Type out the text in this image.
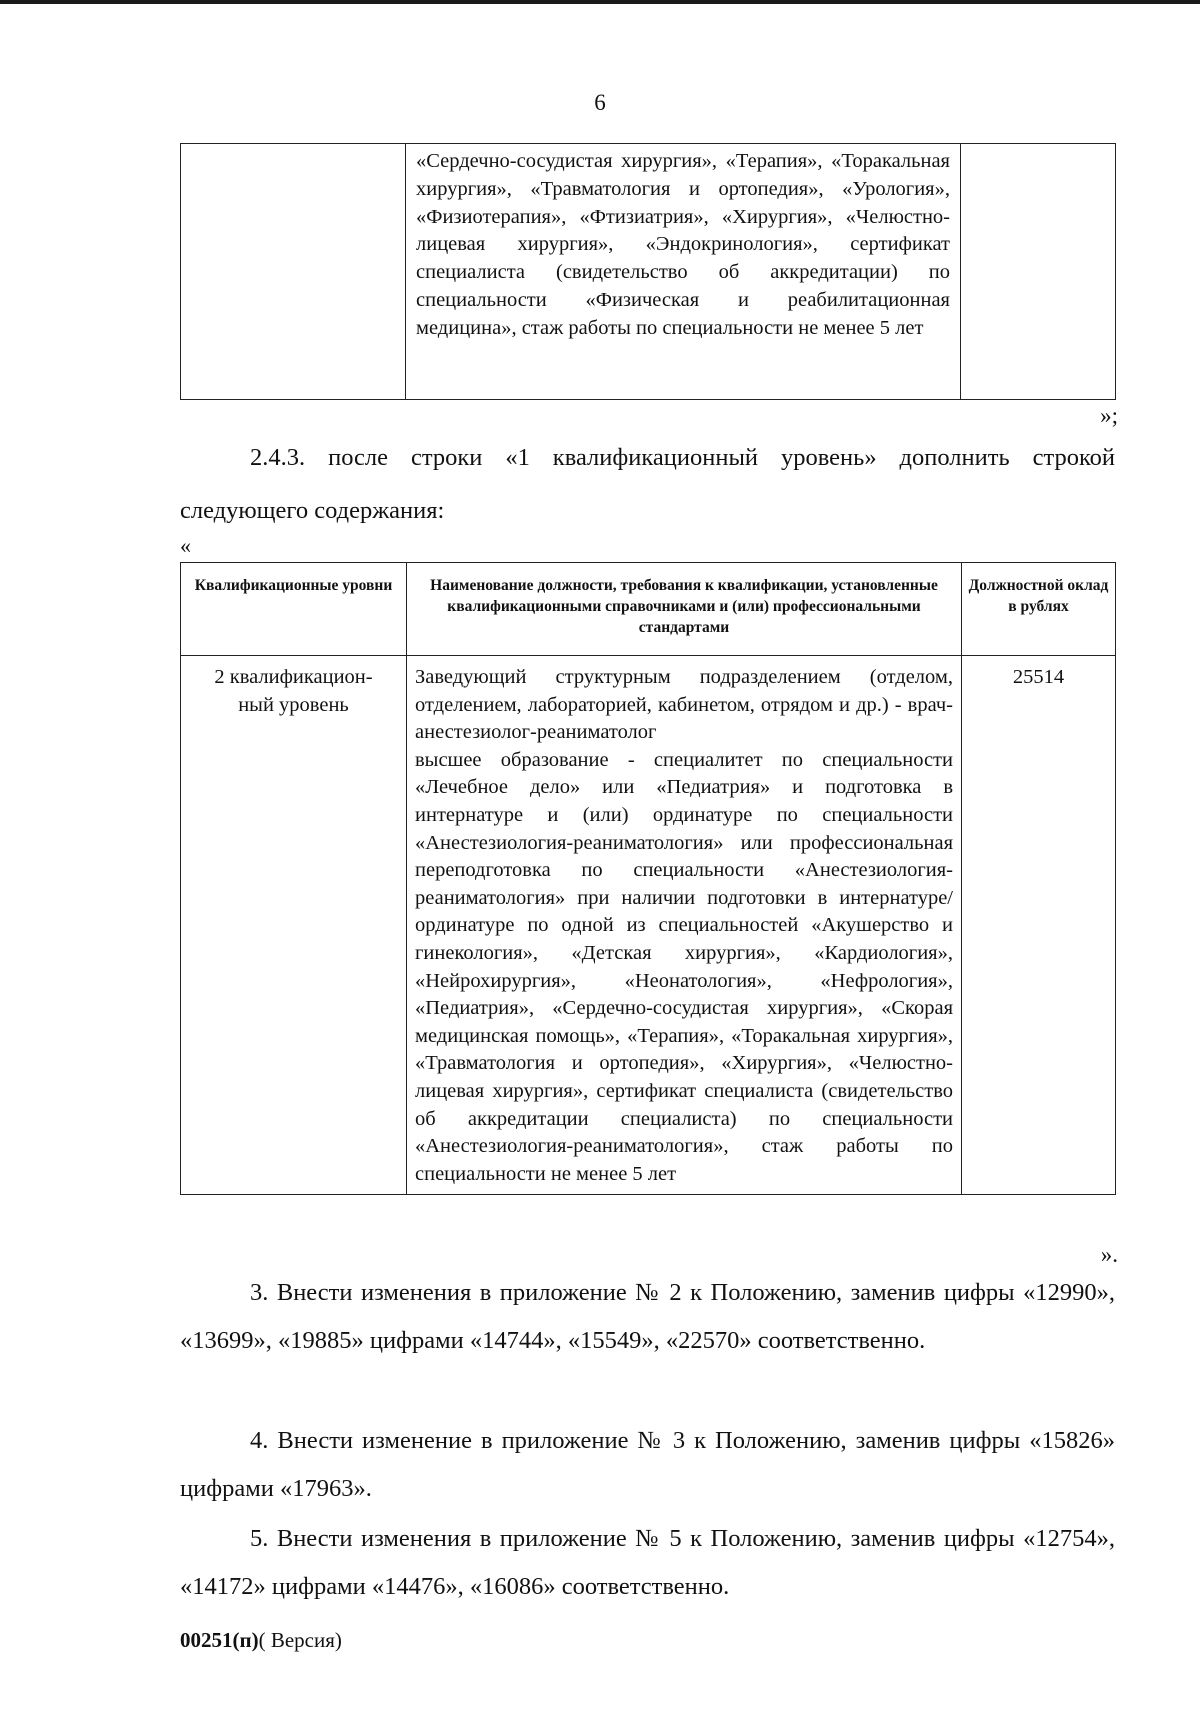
6

«Сердечно-сосудистая хирургия», «Терапия», «Торакальная хирургия», «Травматология и ортопедия», «Урология», «Физиотерапия», «Фтизиатрия», «Хирургия», «Челюстно-лицевая хирургия», «Эндокринология», сертификат специалиста (свидетельство об аккредитации) по специальности «Физическая и реабилитационная медицина», стаж работы по специальности не менее 5 лет

»;

2.4.3. после строки «1 квалификационный уровень» дополнить строкой следующего содержания:

«
Квалификационные уровни	Наименование должности, требования к квалификации, установленные квалификационными справочниками и (или) профессиональными стандартами	Должностной оклад в рублях

2 квалификацион-ный уровень	Заведующий структурным подразделением (отделом, отделением, лабораторией, кабинетом, отрядом и др.) - врач-анестезиолог-реаниматолог
высшее образование - специалитет по специальности «Лечебное дело» или «Педиатрия» и подготовка в интернатуре и (или) ординатуре по специальности «Анестезиология-реаниматология» или профессиональная переподготовка по специальности «Анестезиология-реаниматология» при наличии подготовки в интернатуре/ординатуре по одной из специальностей «Акушерство и гинекология», «Детская хирургия», «Кардиология», «Нейрохирургия», «Неонатология», «Нефрология», «Педиатрия», «Сердечно-сосудистая хирургия», «Скорая медицинская помощь», «Терапия», «Торакальная хирургия», «Травматология и ортопедия», «Хирургия», «Челюстно-лицевая хирургия», сертификат специалиста (свидетельство об аккредитации специалиста) по специальности «Анестезиология-реаниматология», стаж работы по специальности не менее 5 лет	25514
».

3. Внести изменения в приложение № 2 к Положению, заменив цифры «12990», «13699», «19885» цифрами «14744», «15549», «22570» соответственно.

4. Внести изменение в приложение № 3 к Положению, заменив цифры «15826» цифрами «17963».

5. Внести изменения в приложение № 5 к Положению, заменив цифры «12754», «14172» цифрами «14476», «16086» соответственно.

00251(п)( Версия)
